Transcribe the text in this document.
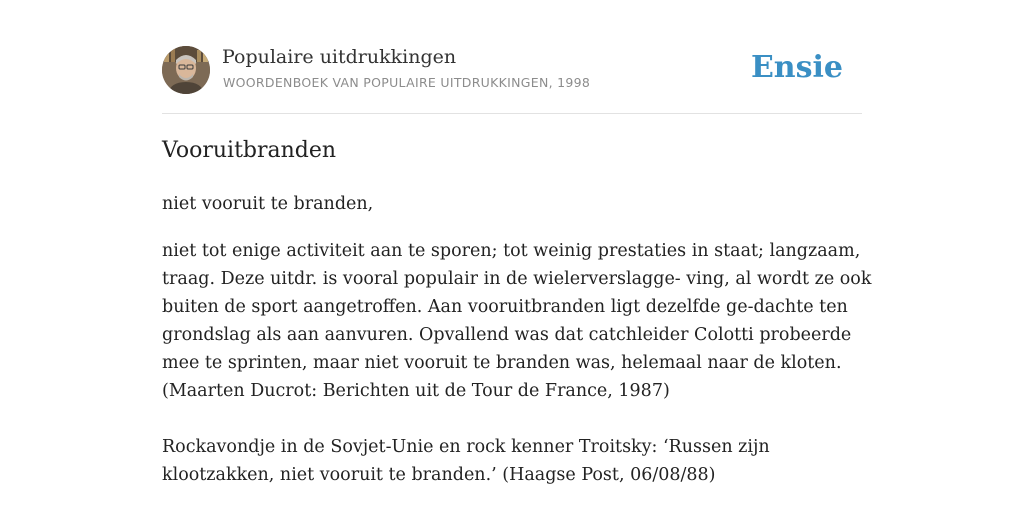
Populaire uitdrukkingen
WOORDENBOEK VAN POPULAIRE UITDRUKKINGEN, 1998	Ensie
Vooruitbranden

niet vooruit te branden,

niet tot enige activiteit aan te sporen; tot weinig prestaties in staat; langzaam, traag. Deze uitdr. is vooral populair in de wielerverslagge- ving, al wordt ze ook buiten de sport aangetroffen. Aan vooruitbranden ligt dezelfde ge-dachte ten grondslag als aan aanvuren. Opvallend was dat catchleider Colotti probeerde mee te sprinten, maar niet vooruit te branden was, helemaal naar de kloten. (Maarten Ducrot: Berichten uit de Tour de France, 1987)

Rockavondje in de Sovjet-Unie en rock kenner Troitsky: ‘Russen zijn klootzakken, niet vooruit te branden.’ (Haagse Post, 06/08/88)
